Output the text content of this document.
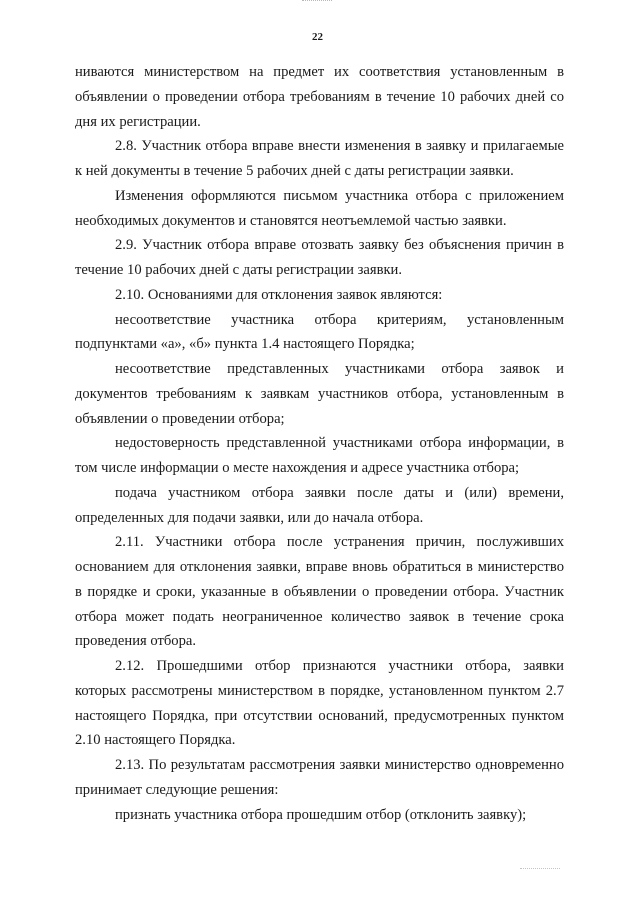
22

ниваются министерством на предмет их соответствия установленным в объявлении о проведении отбора требованиям в течение 10 рабочих дней со дня их регистрации.

2.8. Участник отбора вправе внести изменения в заявку и прилагаемые к ней документы в течение 5 рабочих дней с даты регистрации заявки.

Изменения оформляются письмом участника отбора с приложением необходимых документов и становятся неотъемлемой частью заявки.

2.9. Участник отбора вправе отозвать заявку без объяснения причин в течение 10 рабочих дней с даты регистрации заявки.

2.10. Основаниями для отклонения заявок являются:

несоответствие участника отбора критериям, установленным подпунктами «а», «б» пункта 1.4 настоящего Порядка;

несоответствие представленных участниками отбора заявок и документов требованиям к заявкам участников отбора, установленным в объявлении о проведении отбора;

недостоверность представленной участниками отбора информации, в том числе информации о месте нахождения и адресе участника отбора;

подача участником отбора заявки после даты и (или) времени, определенных для подачи заявки, или до начала отбора.

2.11. Участники отбора после устранения причин, послуживших основанием для отклонения заявки, вправе вновь обратиться в министерство в порядке и сроки, указанные в объявлении о проведении отбора. Участник отбора может подать неограниченное количество заявок в течение срока проведения отбора.

2.12. Прошедшими отбор признаются участники отбора, заявки которых рассмотрены министерством в порядке, установленном пунктом 2.7 настоящего Порядка, при отсутствии оснований, предусмотренных пунктом 2.10 настоящего Порядка.

2.13. По результатам рассмотрения заявки министерство одновременно принимает следующие решения:

признать участника отбора прошедшим отбор (отклонить заявку);
